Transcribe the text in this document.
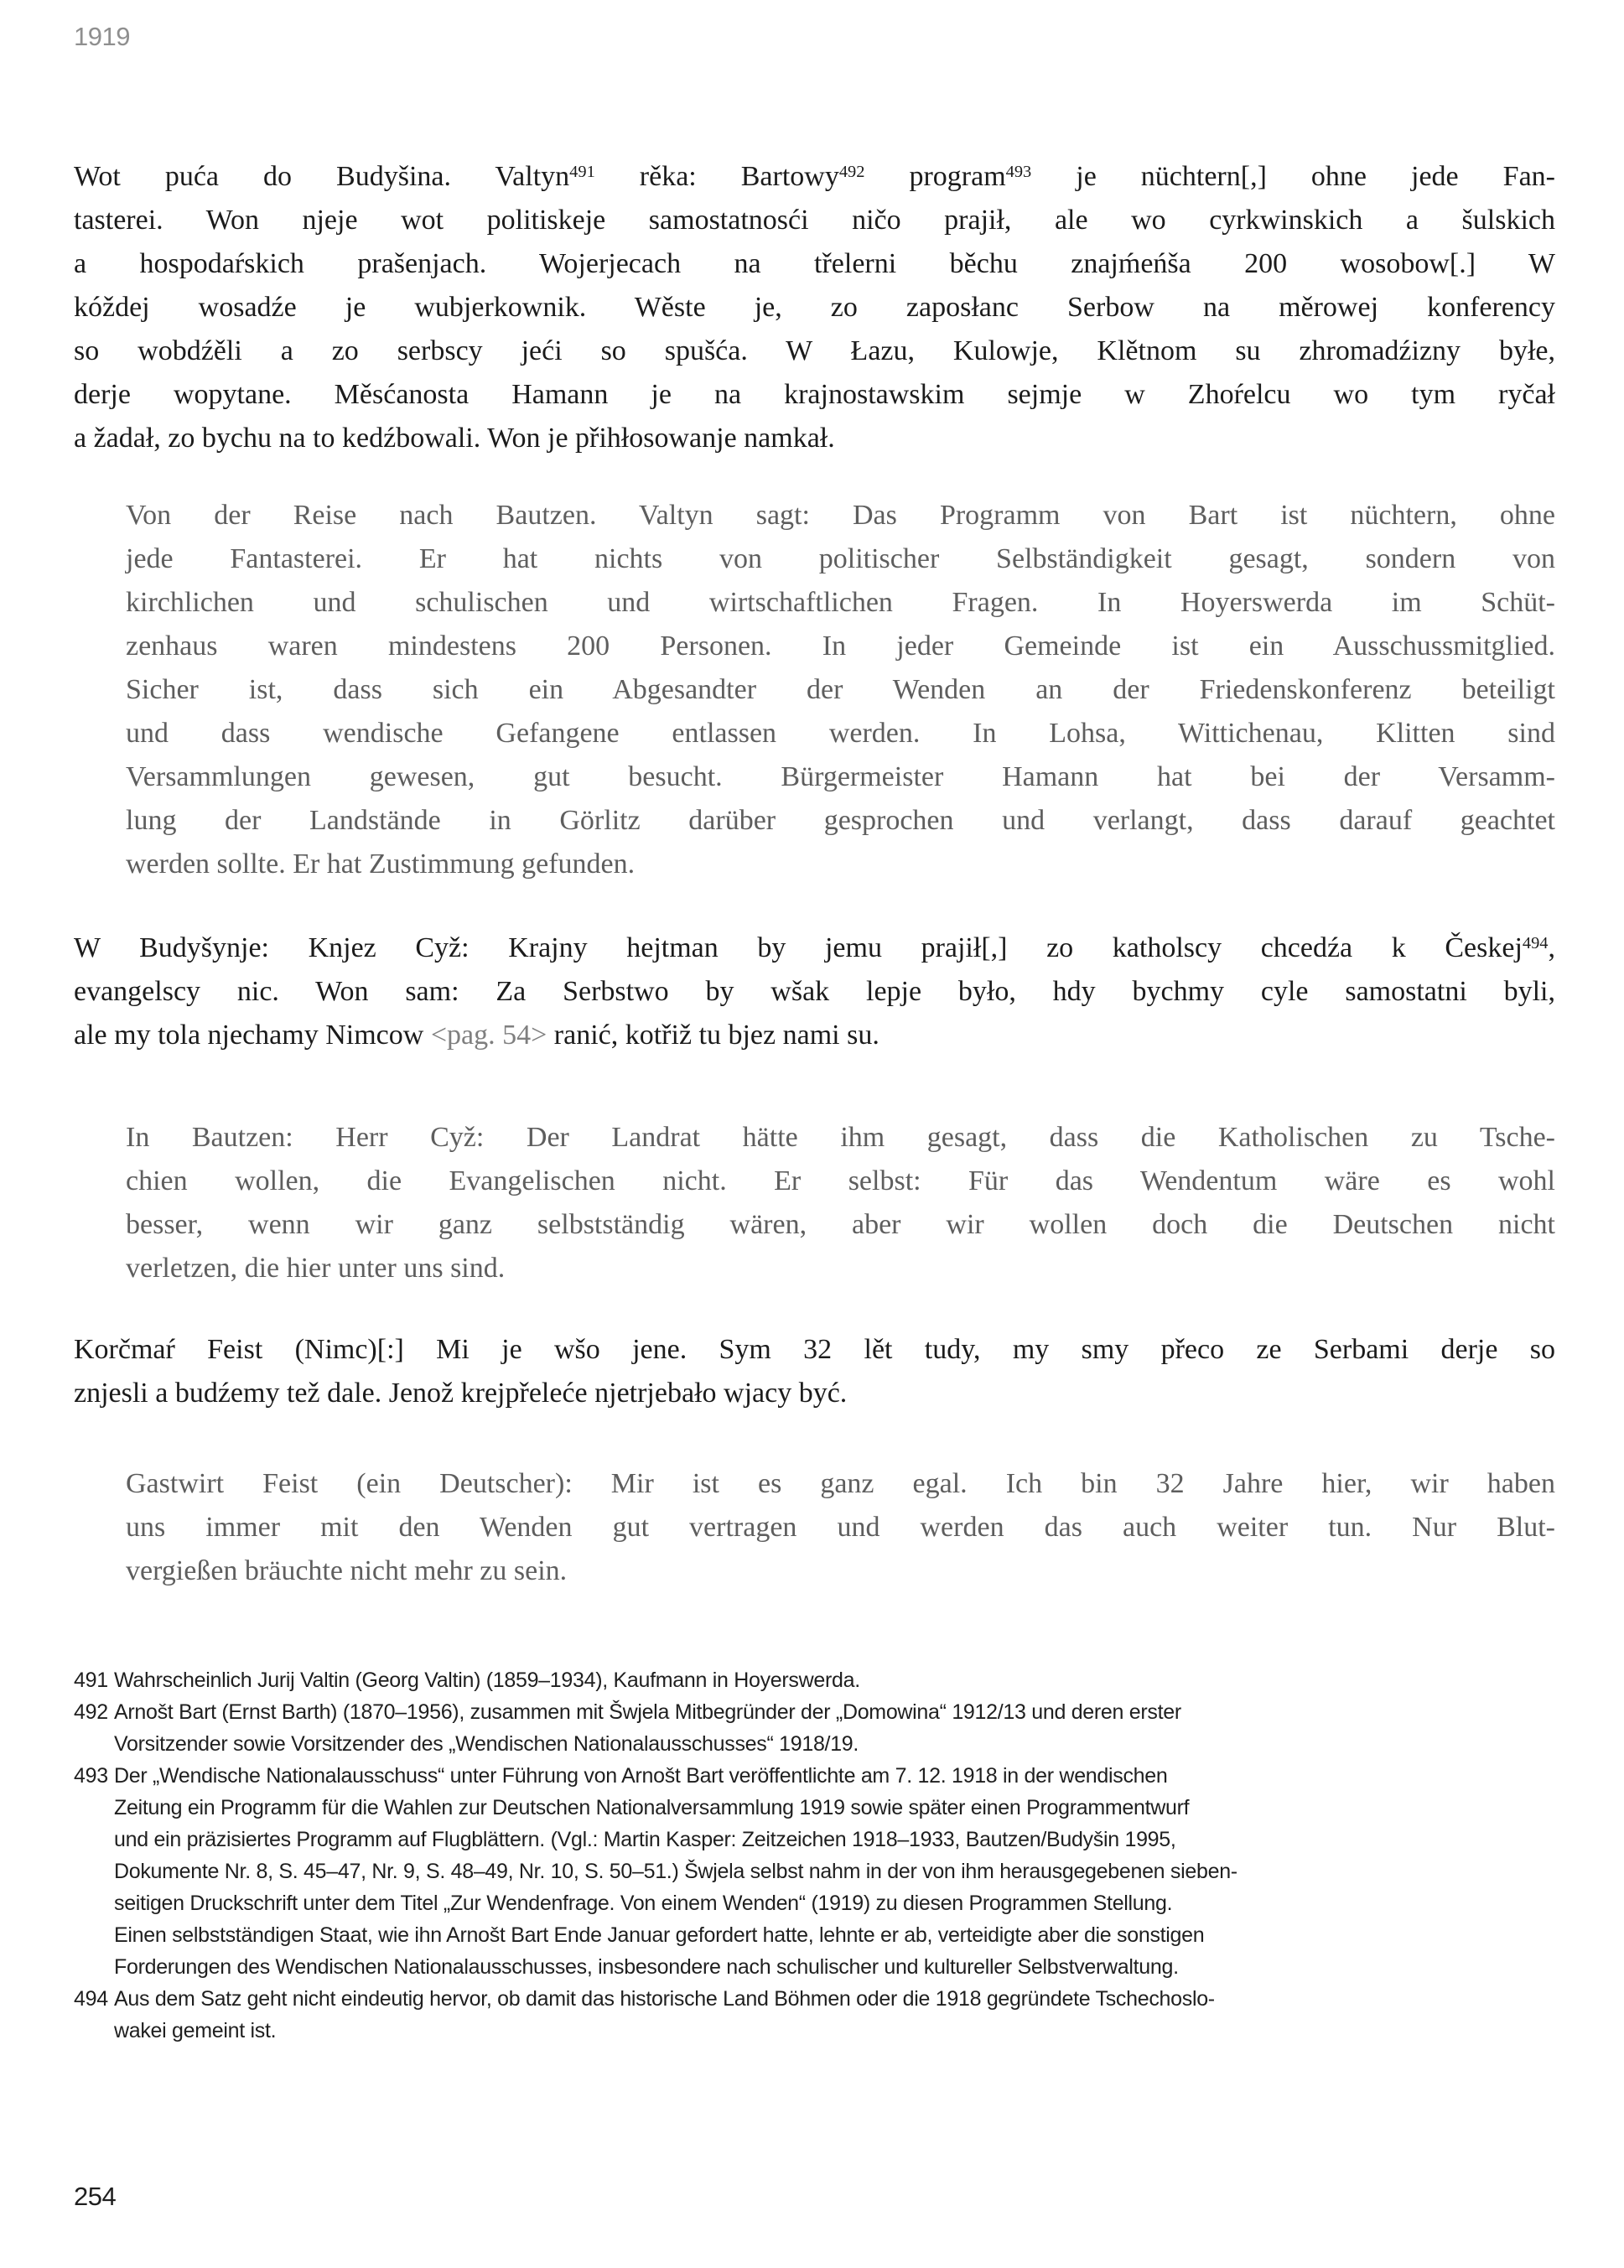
1919
Wot puća do Budyšina. Valtyn$^{491}$ rěka: Bartowy$^{492}$ program$^{493}$ je nüchtern[,] ohne jede Fan-
tasterei. Won njeje wot politiskeje samostatnosći ničo prajił, ale wo cyrkwinskich a šulskich
a hospodaŕskich prašenjach. Wojerjecach na třelerni běchu znajḿeńša 200 wosobow[.] W
kóždej wosadźe je wubjerkownik. Wěste je, zo zaposłanc Serbow na měrowej konferency
so wobdźěli a zo serbscy jeći so spušća. W Łazu, Kulowje, Klětnom su zhromadźizny byłe,
derje wopytane. Měsćanosta Hamann je na krajnostawskim sejmje w Zhoŕelcu wo tym ryčał
a žadał, zo bychu na to kedźbowali. Won je přihłosowanje namkał.
Von der Reise nach Bautzen. Valtyn sagt: Das Programm von Bart ist nüchtern, ohne
jede Fantasterei. Er hat nichts von politischer Selbständigkeit gesagt, sondern von
kirchlichen und schulischen und wirtschaftlichen Fragen. In Hoyerswerda im Schüt-
zenhaus waren mindestens 200 Personen. In jeder Gemeinde ist ein Ausschussmitglied.
Sicher ist, dass sich ein Abgesandter der Wenden an der Friedenskonferenz beteiligt
und dass wendische Gefangene entlassen werden. In Lohsa, Wittichenau, Klitten sind
Versammlungen gewesen, gut besucht. Bürgermeister Hamann hat bei der Versamm-
lung der Landstände in Görlitz darüber gesprochen und verlangt, dass darauf geachtet
werden sollte. Er hat Zustimmung gefunden.
W Budyšynje: Knjez Cyž: Krajny hejtman by jemu prajił[,] zo katholscy chcedźa k Českej$^{494}$,
evangelscy nic. Won sam: Za Serbstwo by wšak lepje było, hdy bychmy cyle samostatni byli,
ale my tola njechamy Nimcow <pag. 54> ranić, kotřiž tu bjez nami su.
In Bautzen: Herr Cyž: Der Landrat hätte ihm gesagt, dass die Katholischen zu Tsche-
chien wollen, die Evangelischen nicht. Er selbst: Für das Wendentum wäre es wohl
besser, wenn wir ganz selbstständig wären, aber wir wollen doch die Deutschen nicht
verletzen, die hier unter uns sind.
Korčmaŕ Feist (Nimc)[:] Mi je wšo jene. Sym 32 lět tudy, my smy přeco ze Serbami derje so
znjesli a budźemy tež dale. Jenož krejpřeleće njetrjebało wjacy być.
Gastwirt Feist (ein Deutscher): Mir ist es ganz egal. Ich bin 32 Jahre hier, wir haben
uns immer mit den Wenden gut vertragen und werden das auch weiter tun. Nur Blut-
vergießen bräuchte nicht mehr zu sein.
491 Wahrscheinlich Jurij Valtin (Georg Valtin) (1859–1934), Kaufmann in Hoyerswerda.
492 Arnošt Bart (Ernst Barth) (1870–1956), zusammen mit Šwjela Mitbegründer der „Domowina“ 1912/13 und deren erster
Vorsitzender sowie Vorsitzender des „Wendischen Nationalausschusses“ 1918/19.
493 Der „Wendische Nationalausschuss“ unter Führung von Arnošt Bart veröffentlichte am 7. 12. 1918 in der wendischen
Zeitung ein Programm für die Wahlen zur Deutschen Nationalversammlung 1919 sowie später einen Programmentwurf
und ein präzisiertes Programm auf Flugblättern. (Vgl.: Martin Kasper: Zeitzeichen 1918–1933, Bautzen/Budyšin 1995,
Dokumente Nr. 8, S. 45–47, Nr. 9, S. 48–49, Nr. 10, S. 50–51.) Šwjela selbst nahm in der von ihm herausgegebenen sieben-
seitigen Druckschrift unter dem Titel „Zur Wendenfrage. Von einem Wenden“ (1919) zu diesen Programmen Stellung.
Einen selbstständigen Staat, wie ihn Arnošt Bart Ende Januar gefordert hatte, lehnte er ab, verteidigte aber die sonstigen
Forderungen des Wendischen Nationalausschusses, insbesondere nach schulischer und kultureller Selbstverwaltung.
494 Aus dem Satz geht nicht eindeutig hervor, ob damit das historische Land Böhmen oder die 1918 gegründete Tschechoslo-
wakei gemeint ist.
254
